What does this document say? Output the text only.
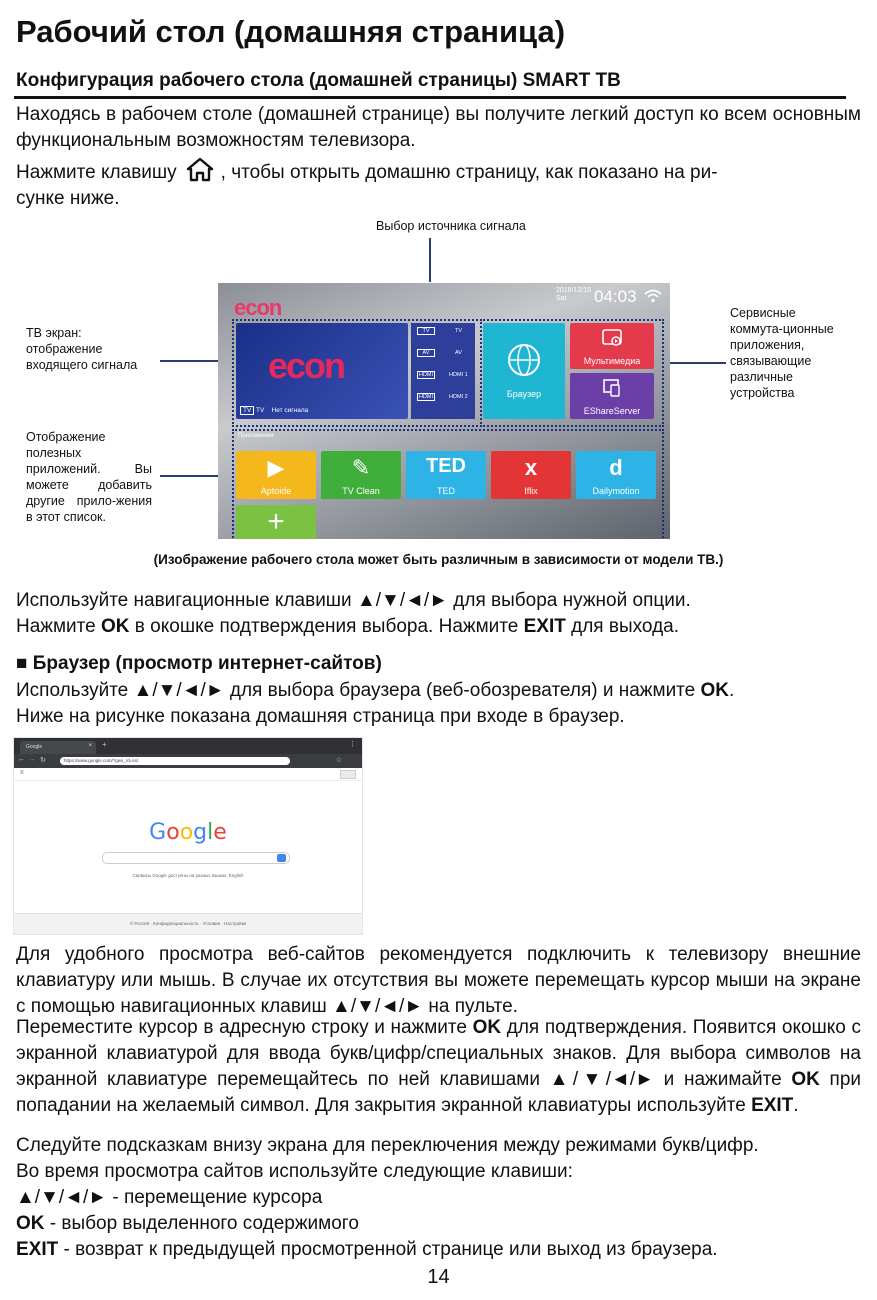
Рабочий стол (домашняя страница)
Конфигурация рабочего стола (домашней страницы) SMART ТВ

Находясь в рабочем столе (домашней странице) вы получите легкий доступ ко всем основным функциональным возможностям телевизора.

Нажмите клавишу , чтобы открыть домашню страницу, как показано на ри-
сунке ниже.

Выбор источника сигнала
ТВ экран: отображение входящего сигнала
Отображение полезных приложений. Вы можете добавить другие прило-жения в этот список.
Сервисные коммута-ционные приложения, связывающие различные устройства
econ
2018/12/15
Sat	04:03
econ
TV TV    Нет сигнала
TV	TV
AV	AV
HDMI	HDMI 1
HDMI	HDMI 2	Браузер
Мультимедиа
EShareServer
Приложения
▶
Aptoide
✎
TV Clean
TED
TED
x
Iflix
d
Dailymotion
+
(Изображение рабочего стола может быть различным в зависимости от модели ТВ.)

Используйте навигационные клавиши ▲/▼/◄/► для выбора нужной опции.
Нажмите OK в окошке подтверждения выбора. Нажмите EXIT для выхода.

■ Браузер (просмотр интернет-сайтов)

Используйте ▲/▼/◄/► для выбора браузера (веб-обозревателя) и нажмите OK.
Ниже на рисунке показана домашняя страница при входе в браузер.

Google	× +	⋮
← → ↻	https://www.google.com/?gws_rd=ssl	☆
≡
Google
Сервисы Google доступны на разных языках: English
© Россия · Конфиденциальность · Условия · Настройки

Для удобного просмотра веб-сайтов рекомендуется подключить к телевизору внешние клавиатуру или мышь. В случае их отсутствия вы можете перемещать курсор мыши на экране с помощью навигационных клавиш ▲/▼/◄/► на пульте.

Переместите курсор в адресную строку и нажмите OK для подтверждения. Появится окошко с экранной клавиатурой для ввода букв/цифр/специальных знаков. Для выбора символов на экранной клавиатуре перемещайтесь по ней клавишами ▲/▼/◄/► и нажимайте OK при попадании на желаемый символ. Для закрытия экранной клавиатуры используйте EXIT.

Следуйте подсказкам внизу экрана для переключения между режимами букв/цифр.

Во время просмотра сайтов используйте следующие клавиши:

▲/▼/◄/► - перемещение курсора

OK - выбор выделенного содержимого

EXIT - возврат к предыдущей просмотренной странице или выход из браузера.

14
